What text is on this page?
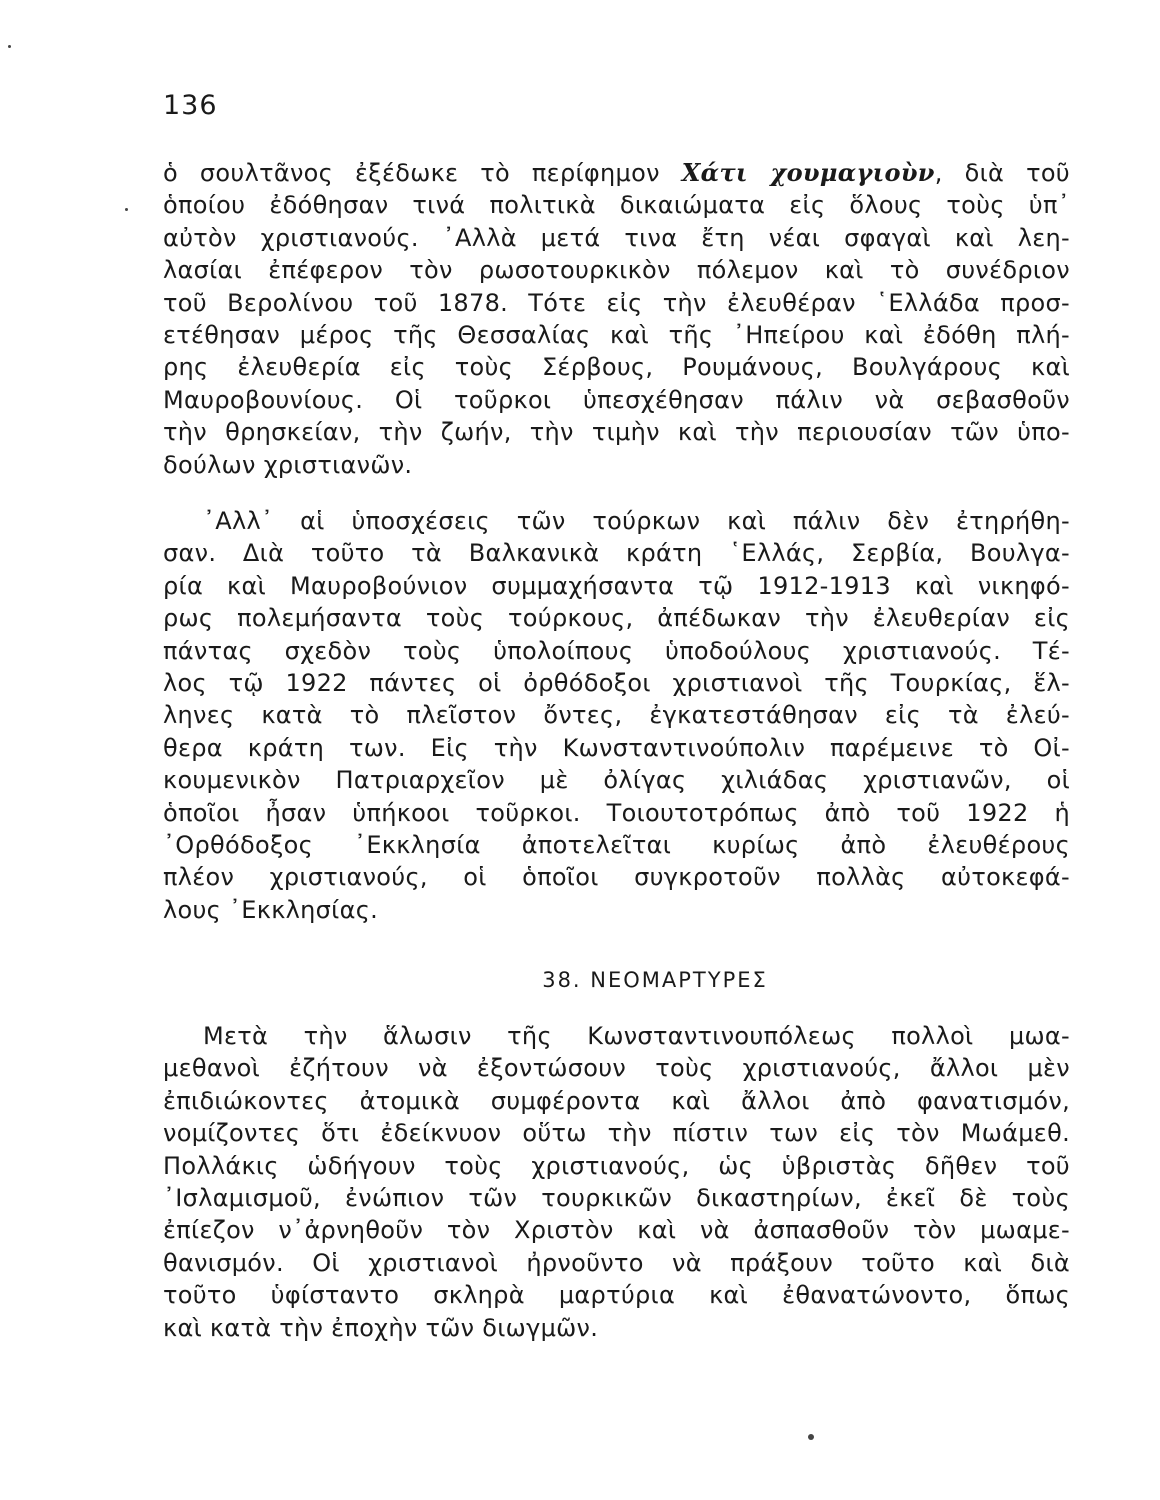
136
ὁ σουλτᾶνος ἐξέδωκε τὸ περίφημον Χάτι χουμαγιοὺν, διὰ τοῦ
ὁποίου ἐδόθησαν τινά πολιτικὰ δικαιώματα εἰς ὅλους τοὺς ὑπ᾽
αὐτὸν χριστιανούς. ᾽Αλλὰ μετά τινα ἔτη νέαι σφαγαὶ καὶ λεη-
λασίαι ἐπέφερον τὸν ρωσοτουρκικὸν πόλεμον καὶ τὸ συνέδριον
τοῦ Βερολίνου τοῦ 1878. Τότε εἰς τὴν ἐλευθέραν ῾Ελλάδα προσ-
ετέθησαν μέρος τῆς Θεσσαλίας καὶ τῆς ᾽Ηπείρου καὶ ἐδόθη πλή-
ρης ἐλευθερία εἰς τοὺς Σέρβους, Ρουμάνους, Βουλγάρους καὶ
Μαυροβουνίους. Οἱ τοῦρκοι ὑπεσχέθησαν πάλιν νὰ σεβασθοῦν
τὴν θρησκείαν, τὴν ζωήν, τὴν τιμὴν καὶ τὴν περιουσίαν τῶν ὑπο-
δούλων χριστιανῶν.
᾽Αλλ᾽ αἱ ὑποσχέσεις τῶν τούρκων καὶ πάλιν δὲν ἐτηρήθη-
σαν. Διὰ τοῦτο τὰ Βαλκανικὰ κράτη ῾Ελλάς, Σερβία, Βουλγα-
ρία καὶ Μαυροβούνιον συμμαχήσαντα τῷ 1912-1913 καὶ νικηφό-
ρως πολεμήσαντα τοὺς τούρκους, ἀπέδωκαν τὴν ἐλευθερίαν εἰς
πάντας σχεδὸν τοὺς ὑπολοίπους ὑποδούλους χριστιανούς. Τέ-
λος τῷ 1922 πάντες οἱ ὀρθόδοξοι χριστιανοὶ τῆς Τουρκίας, ἕλ-
ληνες κατὰ τὸ πλεῖστον ὄντες, ἐγκατεστάθησαν εἰς τὰ ἐλεύ-
θερα κράτη των. Εἰς τὴν Κωνσταντινούπολιν παρέμεινε τὸ Οἰ-
κουμενικὸν Πατριαρχεῖον μὲ ὀλίγας χιλιάδας χριστιανῶν, οἱ
ὁποῖοι ἦσαν ὑπήκοοι τοῦρκοι. Τοιουτοτρόπως ἀπὸ τοῦ 1922 ἡ
᾽Ορθόδοξος ᾽Εκκλησία ἀποτελεῖται κυρίως ἀπὸ ἐλευθέρους
πλέον χριστιανούς, οἱ ὁποῖοι συγκροτοῦν πολλὰς αὐτοκεφά-
λους ᾽Εκκλησίας.
38. ΝΕΟΜΑΡΤΥΡΕΣ
Μετὰ τὴν ἅλωσιν τῆς Κωνσταντινουπόλεως πολλοὶ μωα-
μεθανοὶ ἐζήτουν νὰ ἐξοντώσουν τοὺς χριστιανούς, ἄλλοι μὲν
ἐπιδιώκοντες ἀτομικὰ συμφέροντα καὶ ἄλλοι ἀπὸ φανατισμόν,
νομίζοντες ὅτι ἐδείκνυον οὕτω τὴν πίστιν των εἰς τὸν Μωάμεθ.
Πολλάκις ὡδήγουν τοὺς χριστιανούς, ὡς ὑβριστὰς δῆθεν τοῦ
᾽Ισλαμισμοῦ, ἐνώπιον τῶν τουρκικῶν δικαστηρίων, ἐκεῖ δὲ τοὺς
ἐπίεζον ν᾽ἀρνηθοῦν τὸν Χριστὸν καὶ νὰ ἀσπασθοῦν τὸν μωαμε-
θανισμόν. Οἱ χριστιανοὶ ἠρνοῦντο νὰ πράξουν τοῦτο καὶ διὰ
τοῦτο ὑφίσταντο σκληρὰ μαρτύρια καὶ ἐθανατώνοντο, ὅπως
καὶ κατὰ τὴν ἐποχὴν τῶν διωγμῶν.
